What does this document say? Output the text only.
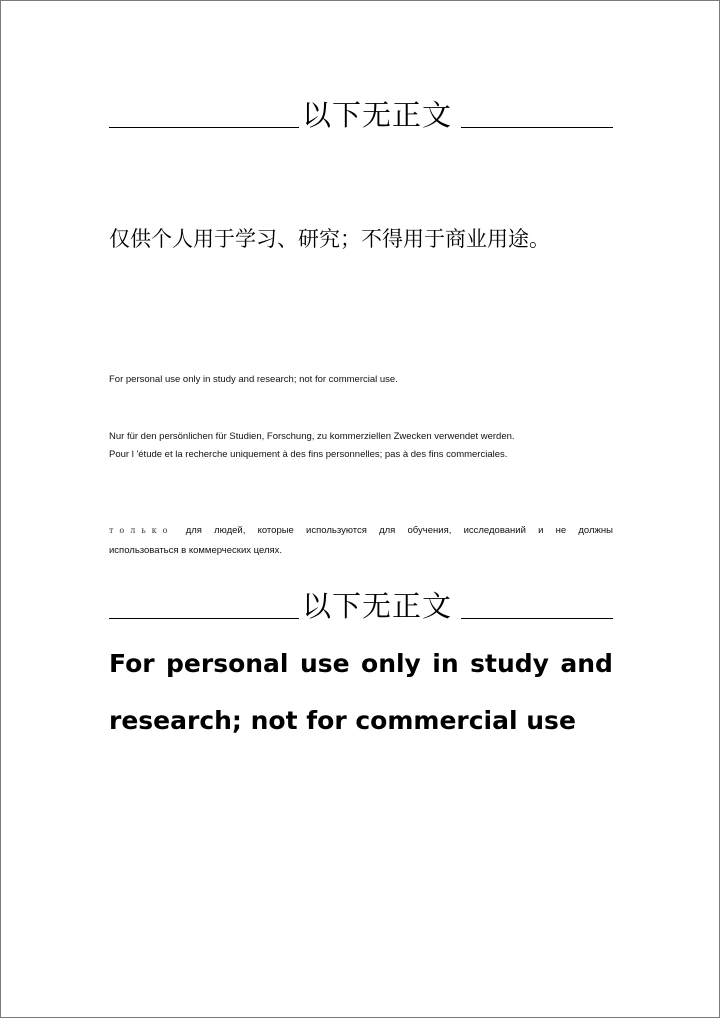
以下无正文
仅供个人用于学习、研究；不得用于商业用途。
For personal use only in study and research; not for commercial use.
Nur für den persönlichen für Studien, Forschung, zu kommerziellen Zwecken verwendet werden.
Pour l 'étude et la recherche uniquement à des fins personnelles; pas à des fins commerciales.
только для людей, которые используются для обучения, исследований и не должны
использоваться в коммерческих целях.
以下无正文
For personal use only in study and
research; not for commercial use
